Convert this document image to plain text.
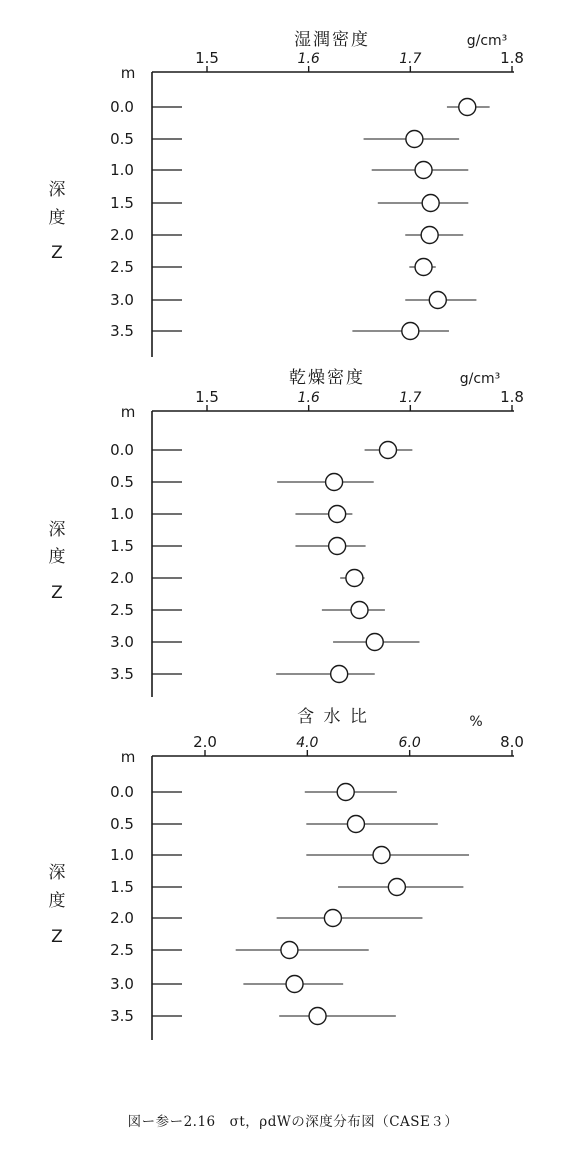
湿潤密度	g/cm³
1.5	1.6	1.7	1.8
m
深
度
Z
0.0
0.5
1.0
1.5
2.0
2.5
3.0
3.5
乾燥密度	g/cm³
1.5	1.6	1.7	1.8
m
深
度
Z
0.0
0.5
1.0
1.5
2.0
2.5
3.0
3.5
含 水 比	%
2.0	4.0	6.0	8.0
m
深
度
Z
0.0
0.5
1.0
1.5
2.0
2.5
3.0
3.5
図ー参ー2.16　σt，ρdWの深度分布図（CASE３）
